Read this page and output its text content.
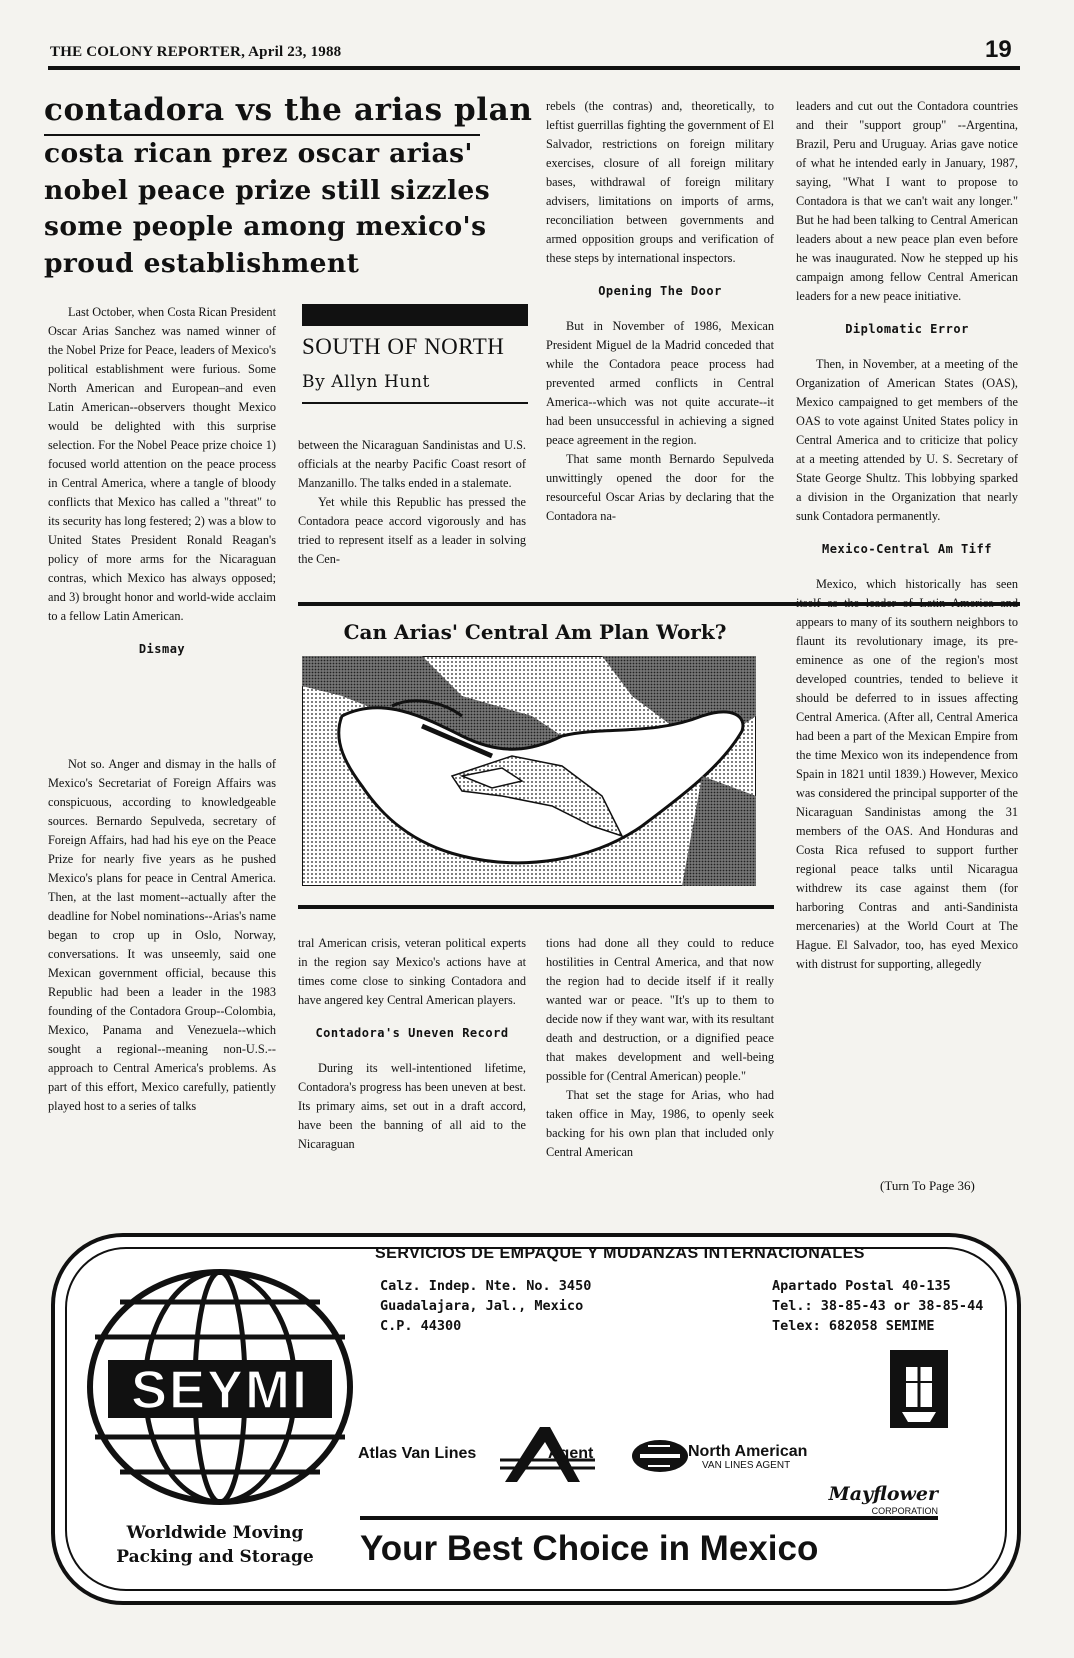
THE COLONY REPORTER, April 23, 1988	19
contadora vs the arias plan
costa rican prez oscar arias' nobel peace prize still sizzles some people among mexico's proud establishment

Last October, when Costa Rican President Oscar Arias Sanchez was named winner of the Nobel Prize for Peace, leaders of Mexico's political establishment were furious. Some North American and European–and even Latin American--observers thought Mexico would be delighted with this surprise selection. For the Nobel Peace prize choice 1) focused world attention on the peace process in Central America, where a tangle of bloody conflicts that Mexico has called a "threat" to its security has long festered; 2) was a blow to United States President Ronald Reagan's policy of more arms for the Nicaraguan contras, which Mexico has always opposed; and 3) brought honor and world-wide acclaim to a fellow Latin American.

Dismay

Not so. Anger and dismay in the halls of Mexico's Secretariat of Foreign Affairs was conspicuous, according to knowledgeable sources. Bernardo Sepulveda, secretary of Foreign Affairs, had had his eye on the Peace Prize for nearly five years as he pushed Mexico's plans for peace in Central America. Then, at the last moment--actually after the deadline for Nobel nominations--Arias's name began to crop up in Oslo, Norway, conversations. It was unseemly, said one Mexican government official, because this Republic had been a leader in the 1983 founding of the Contadora Group--Colombia, Mexico, Panama and Venezuela--which sought a regional--meaning non-U.S.--approach to Central America's problems. As part of this effort, Mexico carefully, patiently played host to a series of talks

SOUTH OF NORTH
By Allyn Hunt

between the Nicaraguan Sandinistas and U.S. officials at the nearby Pacific Coast resort of Manzanillo. The talks ended in a stalemate.

Yet while this Republic has pressed the Contadora peace accord vigorously and has tried to represent itself as a leader in solving the Cen-

tral American crisis, veteran political experts in the region say Mexico's actions have at times come close to sinking Contadora and have angered key Central American players.

Contadora's Uneven Record

During its well-intentioned lifetime, Contadora's progress has been uneven at best. Its primary aims, set out in a draft accord, have been the banning of all aid to the Nicaraguan

rebels (the contras) and, theoretically, to leftist guerrillas fighting the government of El Salvador, restrictions on foreign military exercises, closure of all foreign military bases, withdrawal of foreign military advisers, limitations on imports of arms, reconciliation between governments and armed opposition groups and verification of these steps by international inspectors.

Opening The Door

But in November of 1986, Mexican President Miguel de la Madrid conceded that while the Contadora peace process had prevented armed conflicts in Central America--which was not quite accurate--it had been unsuccessful in achieving a signed peace agreement in the region.

That same month Bernardo Sepulveda unwittingly opened the door for the resourceful Oscar Arias by declaring that the Contadora na-

tions had done all they could to reduce hostilities in Central America, and that now the region had to decide itself if it really wanted war or peace. "It's up to them to decide now if they want war, with its resultant death and destruction, or a dignified peace that makes development and well-being possible for (Central American) people."

That set the stage for Arias, who had taken office in May, 1986, to openly seek backing for his own plan that included only Central American

leaders and cut out the Contadora countries and their "support group" --Argentina, Brazil, Peru and Uruguay. Arias gave notice of what he intended early in January, 1987, saying, "What I want to propose to Contadora is that we can't wait any longer." But he had been talking to Central American leaders about a new peace plan even before he was inaugurated. Now he stepped up his campaign among fellow Central American leaders for a new peace initiative.

Diplomatic Error

Then, in November, at a meeting of the Organization of American States (OAS), Mexico campaigned to get members of the OAS to vote against United States policy in Central America and to criticize that policy at a meeting attended by U. S. Secretary of State George Shultz. This lobbying sparked a division in the Organization that nearly sunk Contadora permanently.

Mexico-Central Am Tiff

Mexico, which historically has seen appears to many of its southern neighbors to flaunt its revolutionary image, its pre-eminence as one of the region's most developed countries, tended to believe it should be deferred to in issues affecting Central America. (After all, Central America had been a part of the Mexican Empire from the time Mexico won its independence from Spain in 1821 until 1839.) However, Mexico was considered the principal supporter of the Nicaraguan Sandinistas among the 31 members of the OAS. And Honduras and Costa Rica refused to support further regional peace talks until Nicaragua withdrew its case against them (for harboring Contras and anti-Sandinista mercenaries) at the World Court at The Hague. El Salvador, too, has eyed Mexico with distrust for supporting, allegedly

(Turn To Page 36)
Can Arias' Central Am Plan Work?
SEYMI
SERVICIOS DE EMPAQUE Y MUDANZAS INTERNACIONALES
Calz. Indep. Nte. No. 3450
Guadalajara, Jal., Mexico
C.P. 44300
Apartado Postal 40-135
Tel.: 38-85-43 or 38-85-44
Telex: 682058 SEMIME
Atlas Van Lines	Agent	North American
VAN LINES AGENT
Mayflower
CORPORATION
Worldwide Moving
Packing and Storage Your Best Choice in Mexico
